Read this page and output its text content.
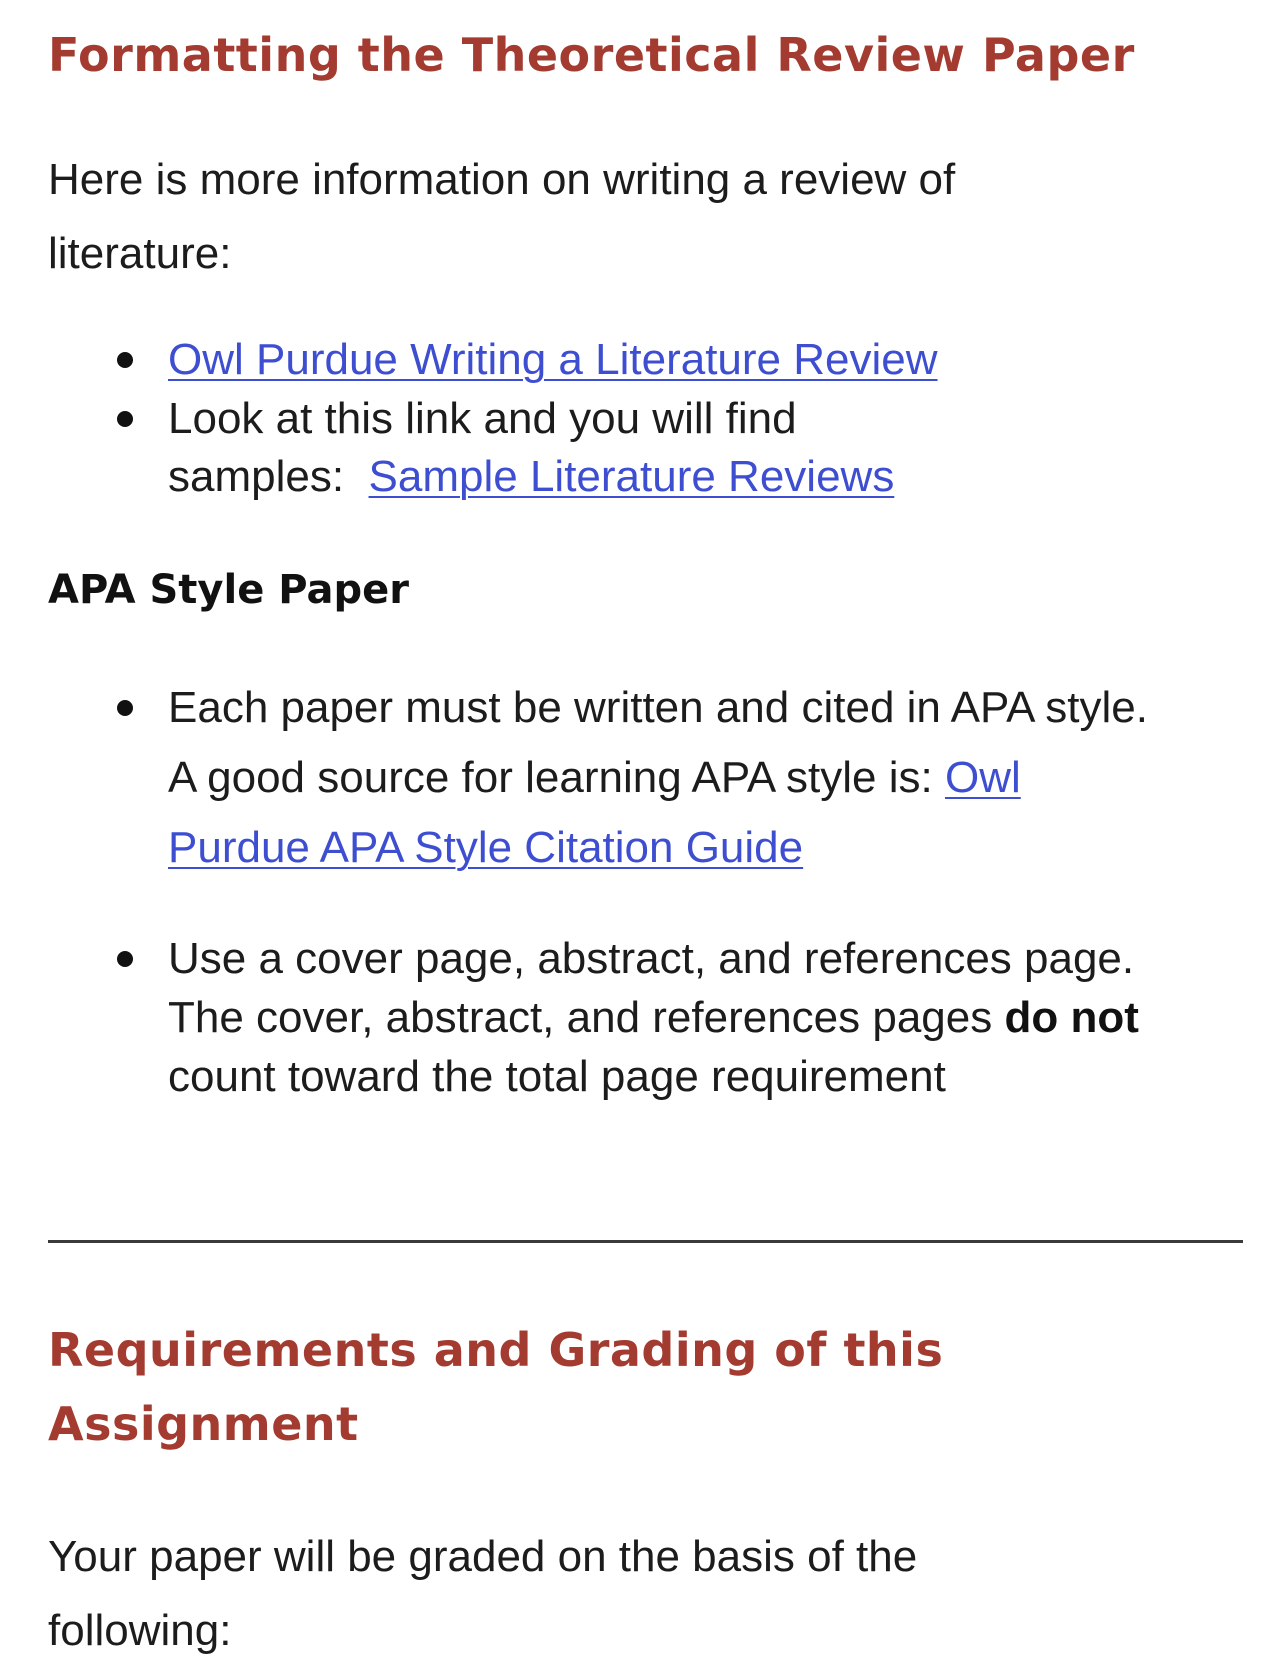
Formatting the Theoretical Review Paper

Here is more information on writing a review of literature:

Owl Purdue Writing a Literature Review
Look at this link and you will find samples: Sample Literature Reviews
APA Style Paper
Each paper must be written and cited in APA style. A good source for learning APA style is: Owl Purdue APA Style Citation Guide
Use a cover page, abstract, and references page. The cover, abstract, and references pages do not count toward the total page requirement
Requirements and Grading of this Assignment

Your paper will be graded on the basis of the following:
